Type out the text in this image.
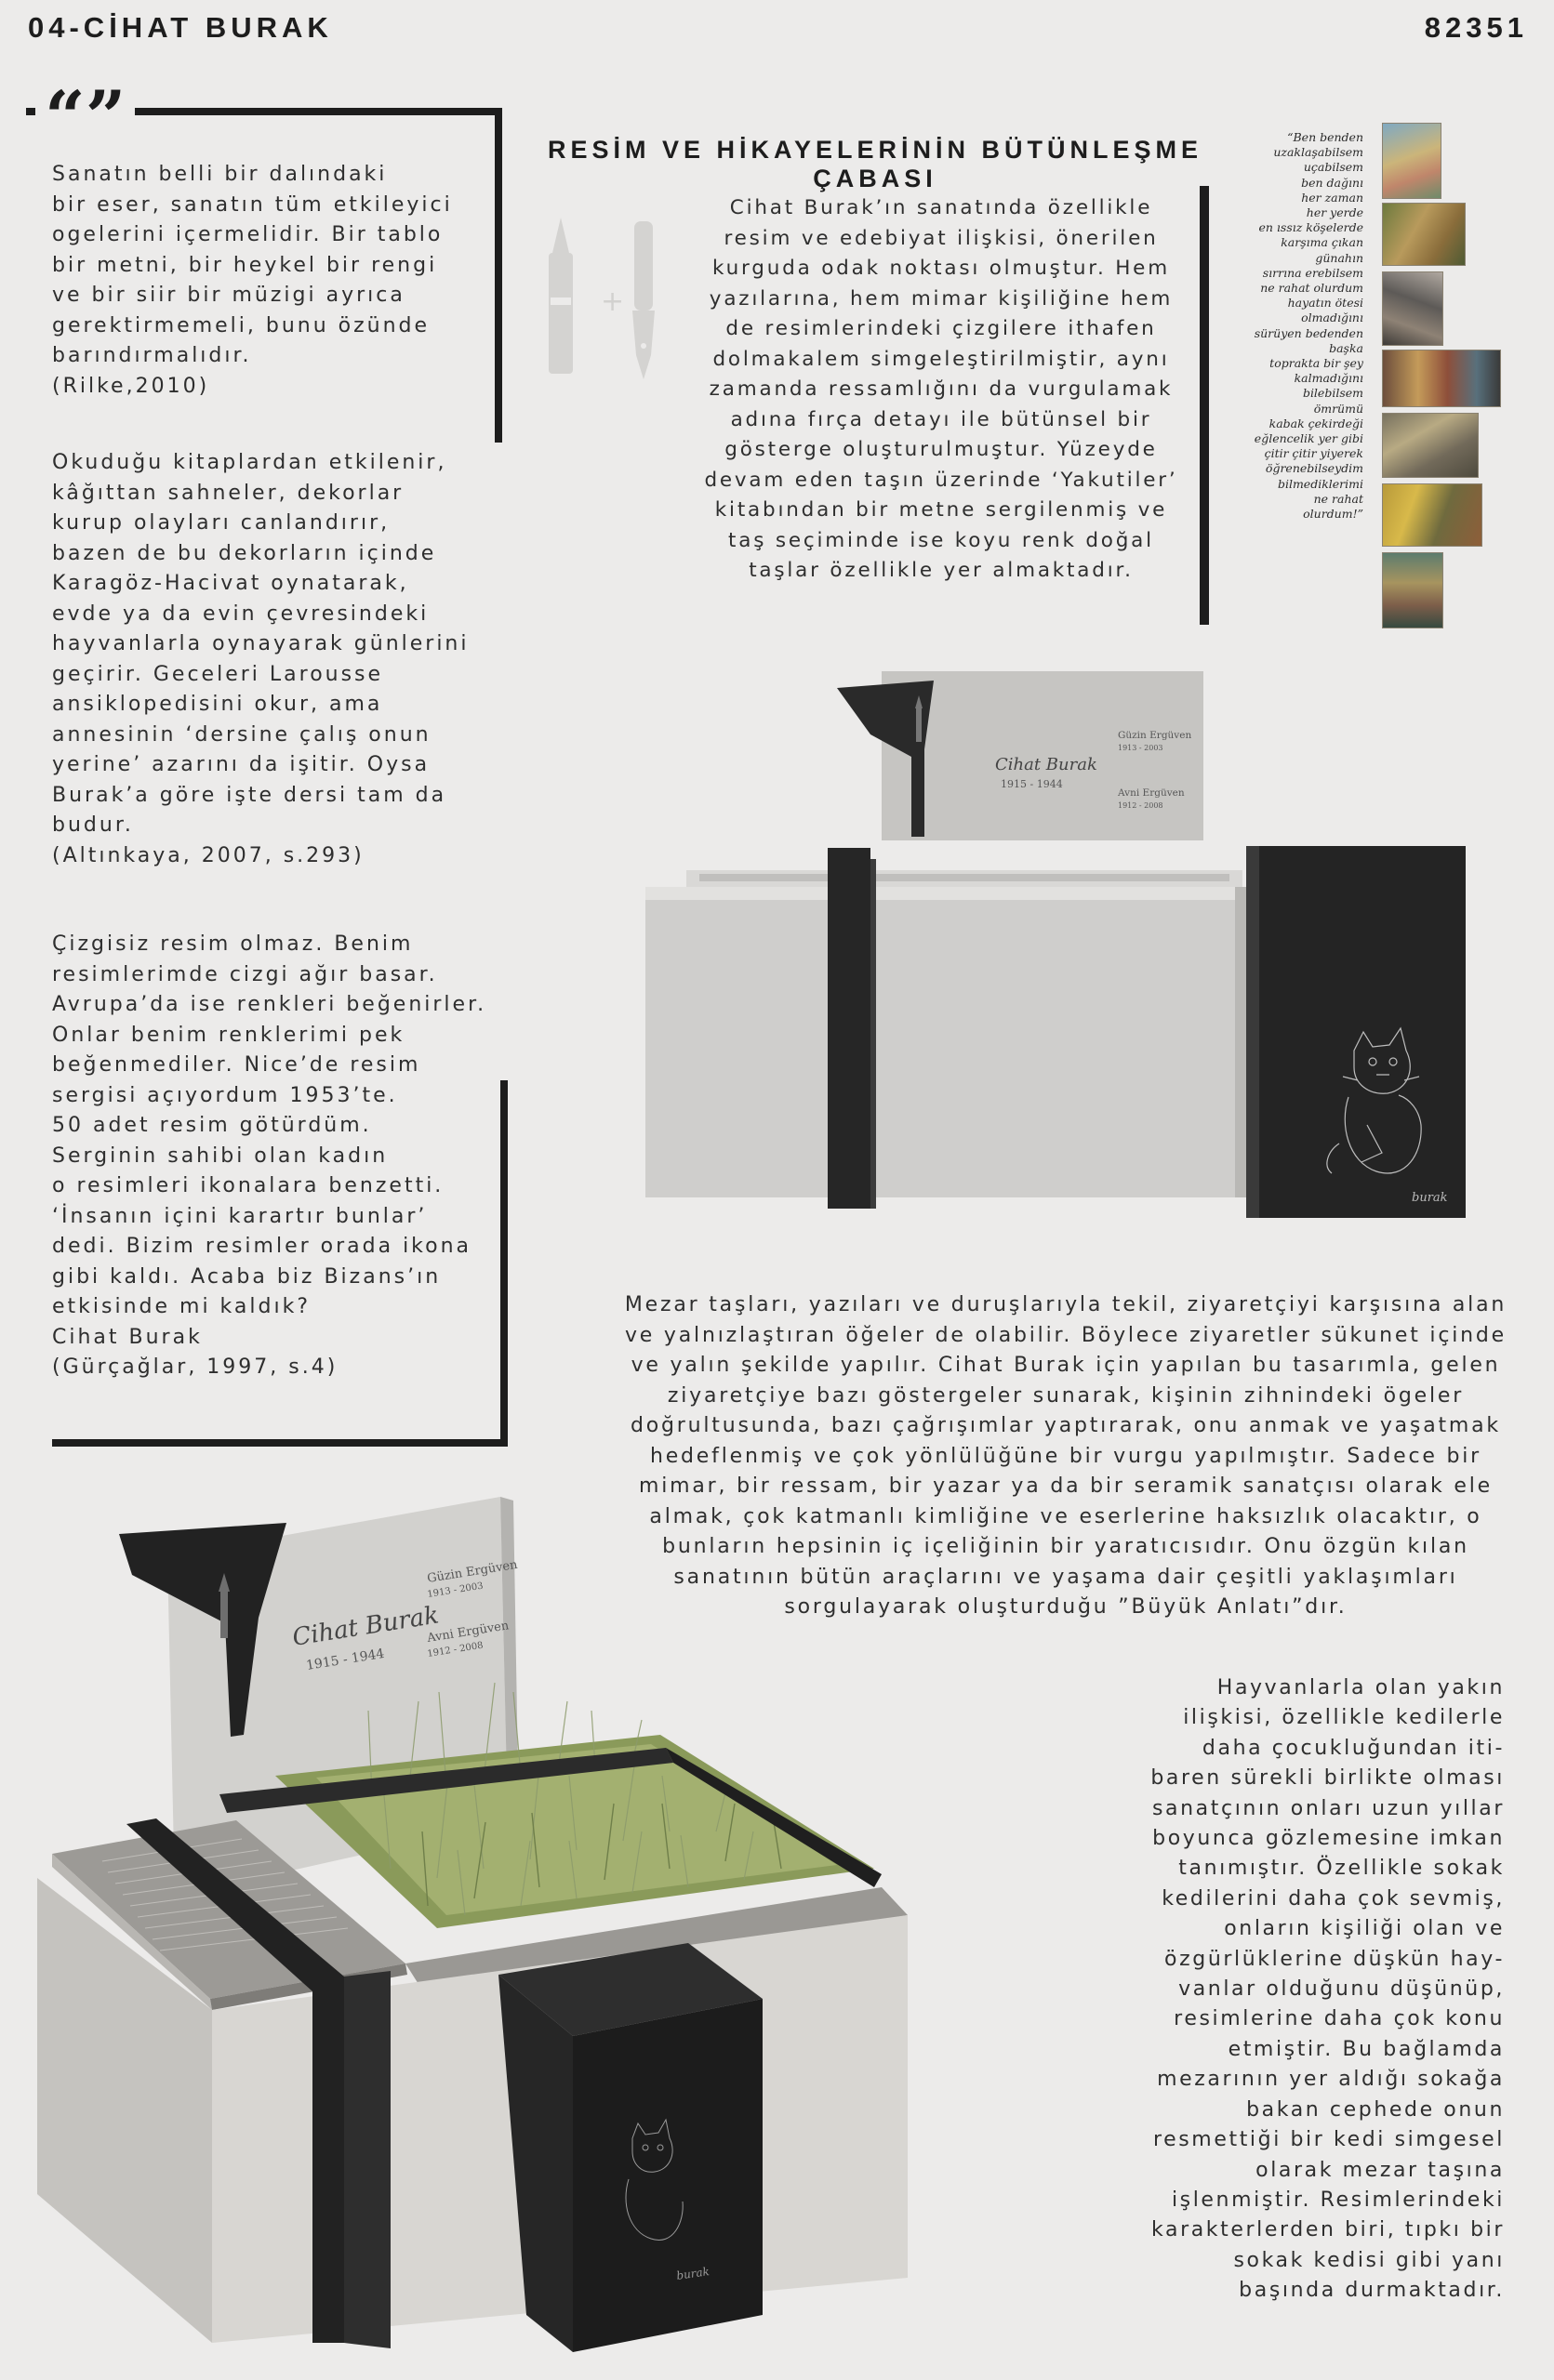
04-CİHAT BURAK	82351
“”
Sanatın belli bir dalındaki
bir eser, sanatın tüm etkileyici
ogelerini içermelidir. Bir tablo
bir metni, bir heykel bir rengi
ve bir siir bir müzigi ayrıca
gerektirmemeli, bunu özünde
barındırmalıdır.
(Rilke,2010)
Okuduğu kitaplardan etkilenir,
kâğıttan sahneler, dekorlar
kurup olayları canlandırır,
bazen de bu dekorların içinde
Karagöz-Hacivat oynatarak,
evde ya da evin çevresindeki
hayvanlarla oynayarak günlerini
geçirir. Geceleri Larousse
ansiklopedisini okur, ama
annesinin ‘dersine çalış onun
yerine’ azarını da işitir. Oysa
Burak’a göre işte dersi tam da
budur.
(Altınkaya, 2007, s.293)
Çizgisiz resim olmaz. Benim
resimlerimde cizgi ağır basar.
Avrupa’da ise renkleri beğenirler.
Onlar benim renklerimi pek
beğenmediler. Nice’de resim
sergisi açıyordum 1953’te.
50 adet resim götürdüm.
Serginin sahibi olan kadın
o resimleri ikonalara benzetti.
‘İnsanın içini karartır bunlar’
dedi. Bizim resimler orada ikona
gibi kaldı. Acaba biz Bizans’ın
etkisinde mi kaldık?
Cihat Burak
(Gürçağlar, 1997, s.4)
RESİM VE HİKAYELERİNİN BÜTÜNLEŞME ÇABASI
+
Cihat Burak’ın sanatında özellikle
resim ve edebiyat ilişkisi, önerilen
kurguda odak noktası olmuştur. Hem
yazılarına, hem mimar kişiliğine hem
de resimlerindeki çizgilere ithafen
dolmakalem simgeleştirilmiştir, aynı
zamanda ressamlığını da vurgulamak
adına fırça detayı ile bütünsel bir
gösterge oluşturulmuştur. Yüzeyde
devam eden taşın üzerinde ‘Yakutiler’
kitabından bir metne sergilenmiş ve
taş seçiminde ise koyu renk doğal
taşlar özellikle yer almaktadır.
“Ben benden
uzaklaşabilsem
uçabilsem
ben dağını
her zaman
her yerde
en ıssız köşelerde
karşıma çıkan
günahın
sırrına erebilsem
ne rahat olurdum
hayatın ötesi
olmadığını
sürüyen bedenden
başka
toprakta bir şey
kalmadığını
bilebilsem
ömrümü
kabak çekirdeği
eğlencelik yer gibi
çitir çitir yiyerek
öğrenebilseydim
bilmediklerimi
ne rahat
olurdum!”
Cihat Burak
1915 - 1944
Güzin Ergüven
1913 - 2003
Avni Ergüven
1912 - 2008
burak
Mezar taşları, yazıları ve duruşlarıyla tekil, ziyaretçiyi karşısına alan
ve yalnızlaştıran öğeler de olabilir. Böylece ziyaretler sükunet içinde
ve yalın şekilde yapılır. Cihat Burak için yapılan bu tasarımla, gelen
ziyaretçiye bazı göstergeler sunarak, kişinin zihnindeki ögeler
doğrultusunda, bazı çağrışımlar yaptırarak, onu anmak ve yaşatmak
hedeflenmiş ve çok yönlülüğüne bir vurgu yapılmıştır. Sadece bir
mimar, bir ressam, bir yazar ya da bir seramik sanatçısı olarak ele
almak, çok katmanlı kimliğine ve eserlerine haksızlık olacaktır, o
bunların hepsinin iç içeliğinin bir yaratıcısıdır. Onu özgün kılan
sanatının bütün araçlarını ve yaşama dair çeşitli yaklaşımları
sorgulayarak oluşturduğu ”Büyük Anlatı”dır.
Cihat Burak
1915 - 1944
Güzin Ergüven
1913 - 2003
Avni Ergüven
1912 - 2008
burak
Hayvanlarla olan yakın
ilişkisi, özellikle kedilerle
daha çocukluğundan iti-
baren sürekli birlikte olması
sanatçının onları uzun yıllar
boyunca gözlemesine imkan
tanımıştır. Özellikle sokak
kedilerini daha çok sevmiş,
onların kişiliği olan ve
özgürlüklerine düşkün hay-
vanlar olduğunu düşünüp,
resimlerine daha çok konu
etmiştir. Bu bağlamda
mezarının yer aldığı sokağa
bakan cephede onun
resmettiği bir kedi simgesel
olarak mezar taşına
işlenmiştir. Resimlerindeki
karakterlerden biri, tıpkı bir
sokak kedisi gibi yanı
başında durmaktadır.
